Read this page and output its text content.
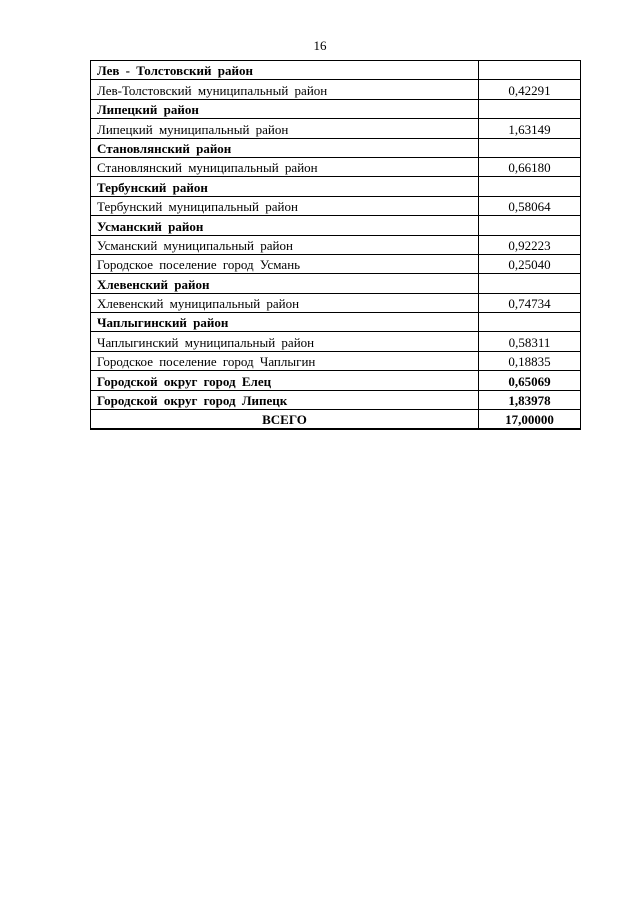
16
Лев - Толстовский район	
Лев-Толстовский муниципальный район	0,42291
Липецкий район	
Липецкий муниципальный район	1,63149
Становлянский район	
Становлянский муниципальный район	0,66180
Тербунский район	
Тербунский муниципальный район	0,58064
Усманский район	
Усманский муниципальный район	0,92223
Городское поселение город Усмань	0,25040
Хлевенский район	
Хлевенский муниципальный район	0,74734
Чаплыгинский район	
Чаплыгинский муниципальный район	0,58311
Городское поселение город Чаплыгин	0,18835
Городской округ город Елец	0,65069
Городской округ город Липецк	1,83978
ВСЕГО	17,00000
